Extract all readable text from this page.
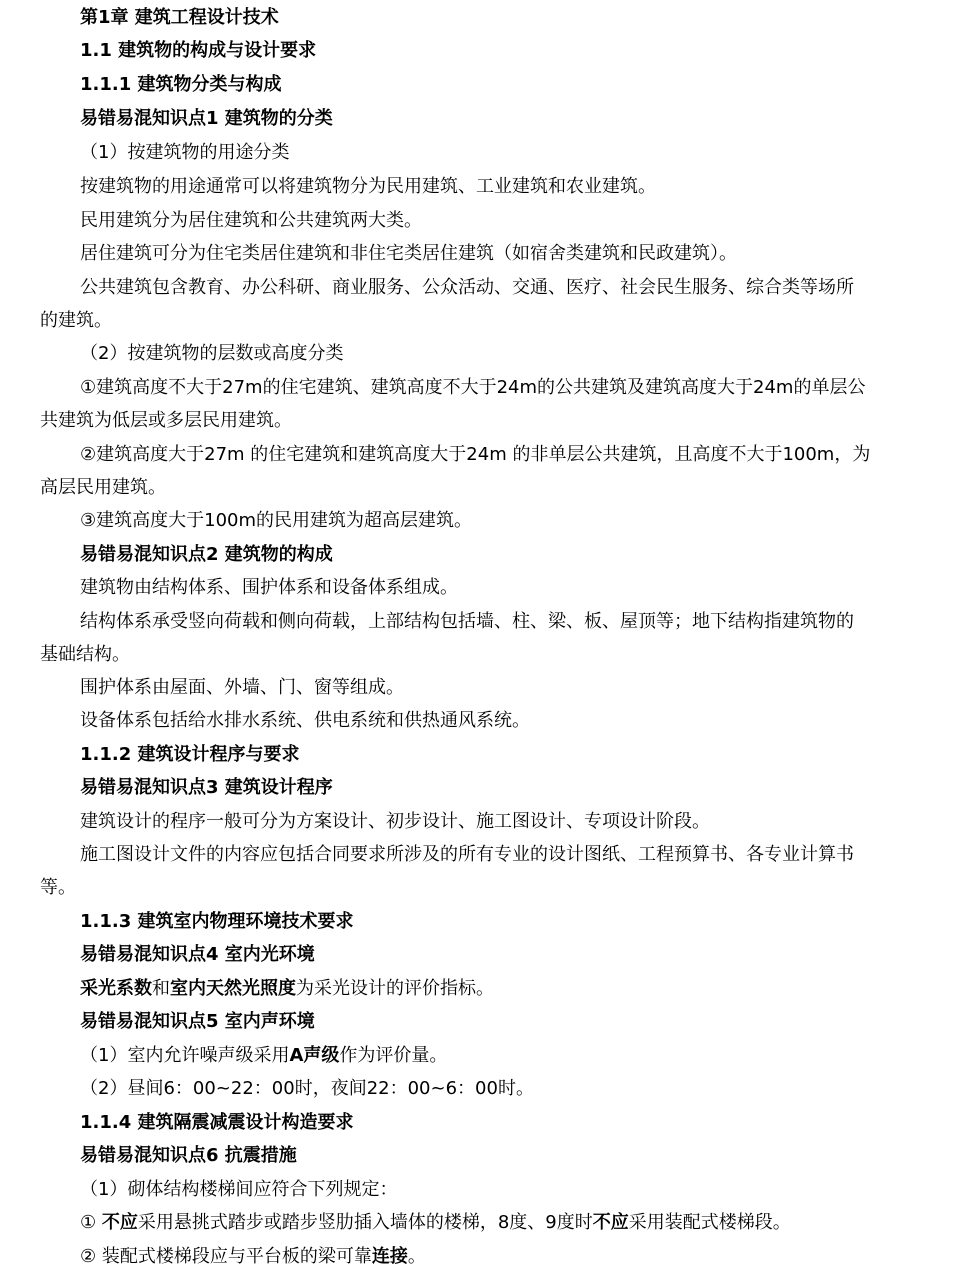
第1章 建筑工程设计技术
1.1 建筑物的构成与设计要求
1.1.1 建筑物分类与构成
易错易混知识点1 建筑物的分类
（1）按建筑物的用途分类
按建筑物的用途通常可以将建筑物分为民用建筑、工业建筑和农业建筑。
民用建筑分为居住建筑和公共建筑两大类。
居住建筑可分为住宅类居住建筑和非住宅类居住建筑（如宿舍类建筑和民政建筑）。
公共建筑包含教育、办公科研、商业服务、公众活动、交通、医疗、社会民生服务、综合类等场所
的建筑。
（2）按建筑物的层数或高度分类
①建筑高度不大于27m的住宅建筑、建筑高度不大于24m的公共建筑及建筑高度大于24m的单层公
共建筑为低层或多层民用建筑。
②建筑高度大于27m 的住宅建筑和建筑高度大于24m 的非单层公共建筑，且高度不大于100m，为
高层民用建筑。
③建筑高度大于100m的民用建筑为超高层建筑。
易错易混知识点2 建筑物的构成
建筑物由结构体系、围护体系和设备体系组成。
结构体系承受竖向荷载和侧向荷载，上部结构包括墙、柱、梁、板、屋顶等；地下结构指建筑物的
基础结构。
围护体系由屋面、外墙、门、窗等组成。
设备体系包括给水排水系统、供电系统和供热通风系统。
1.1.2 建筑设计程序与要求
易错易混知识点3 建筑设计程序
建筑设计的程序一般可分为方案设计、初步设计、施工图设计、专项设计阶段。
施工图设计文件的内容应包括合同要求所涉及的所有专业的设计图纸、工程预算书、各专业计算书
等。
1.1.3 建筑室内物理环境技术要求
易错易混知识点4 室内光环境
采光系数和室内天然光照度为采光设计的评价指标。
易错易混知识点5 室内声环境
（1）室内允许噪声级采用A声级作为评价量。
（2）昼间6：00~22：00时，夜间22：00~6：00时。
1.1.4 建筑隔震减震设计构造要求
易错易混知识点6 抗震措施
（1）砌体结构楼梯间应符合下列规定：
① 不应采用悬挑式踏步或踏步竖肋插入墙体的楼梯，8度、9度时不应采用装配式楼梯段。
② 装配式楼梯段应与平台板的梁可靠连接。
